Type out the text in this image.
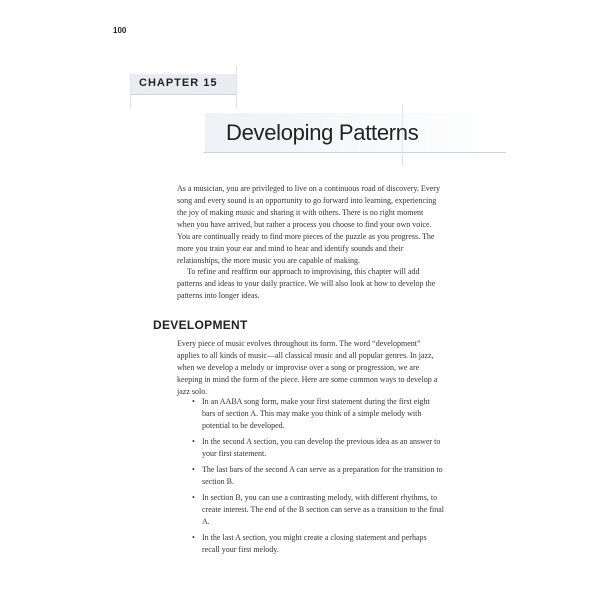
100
CHAPTER 15
Developing Patterns

As a musician, you are privileged to live on a continuous road of discovery. Every song and every sound is an opportunity to go forward into learning, experiencing the joy of making music and sharing it with others. There is no right moment when you have arrived, but rather a process you choose to find your own voice. You are continually ready to find more pieces of the puzzle as you progress. The more you train your ear and mind to hear and identify sounds and their relationships, the more music you are capable of making.

To refine and reaffirm our approach to improvising, this chapter will add patterns and ideas to your daily practice. We will also look at how to develop the patterns into longer ideas.

DEVELOPMENT

Every piece of music evolves throughout its form. The word “development” applies to all kinds of music—all classical music and all popular genres. In jazz, when we develop a melody or improvise over a song or progression, we are keeping in mind the form of the piece. Here are some common ways to develop a jazz solo.

• In an AABA song form, make your first statement during the first eight bars of section A. This may make you think of a simple melody with potential to be developed.
• In the second A section, you can develop the previous idea as an answer to your first statement.
• The last bars of the second A can serve as a preparation for the transition to section B.
• In section B, you can use a contrasting melody, with different rhythms, to create interest. The end of the B section can serve as a transition to the final A.
• In the last A section, you might create a closing statement and perhaps recall your first melody.
